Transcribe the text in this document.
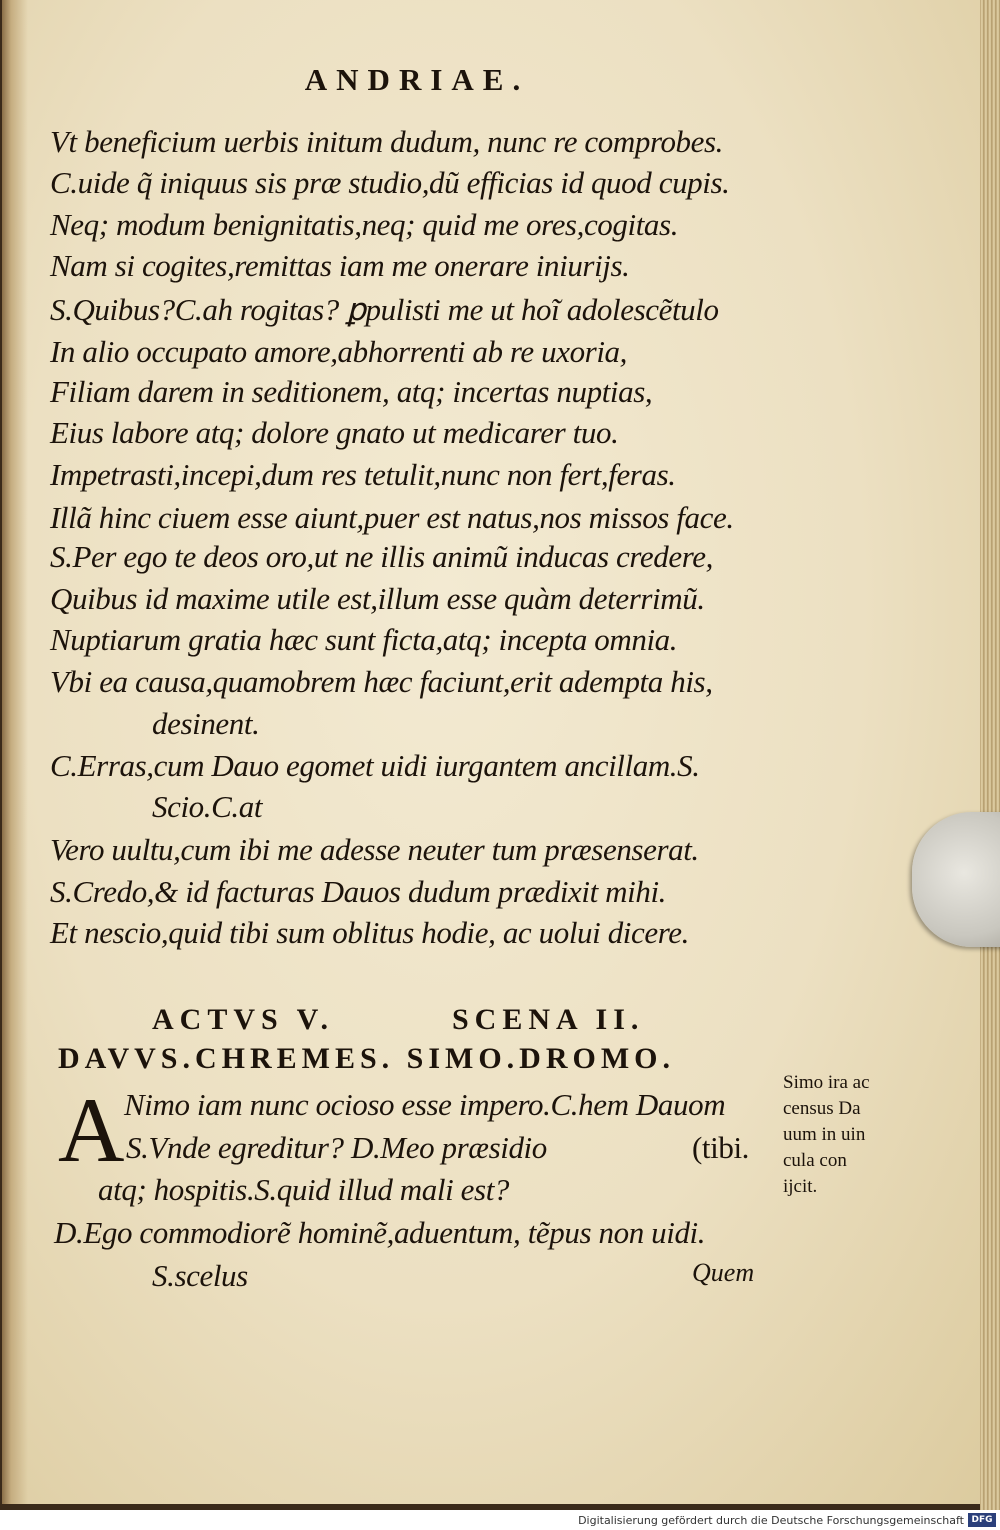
ANDRIAE.
Vt beneficium uerbis initum dudum, nunc re comprobes.
C.uide q̃ iniquus sis præ studio,dũ efficias id quod cupis.
Neq; modum benignitatis,neq; quid me ores,cogitas.
Nam si cogites,remittas iam me onerare iniurijs.
S.Quibus?C.ah rogitas? ꝑpulisti me ut hoĩ adolescẽtulo
In alio occupato amore,abhorrenti ab re uxoria,
Filiam darem in seditionem, atq; incertas nuptias,
Eius labore atq; dolore gnato ut medicarer tuo.
Impetrasti,incepi,dum res tetulit,nunc non fert,feras.
Illã hinc ciuem esse aiunt,puer est natus,nos missos face.
S.Per ego te deos oro,ut ne illis animũ inducas credere,
Quibus id maxime utile est,illum esse quàm deterrimũ.
Nuptiarum gratia hæc sunt ficta,atq; incepta omnia.
Vbi ea causa,quamobrem hæc faciunt,erit adempta his,
desinent.
C.Erras,cum Dauo egomet uidi iurgantem ancillam.S.
Scio.C.at
Vero uultu,cum ibi me adesse neuter tum præsenserat.
S.Credo,& id facturas Dauos dudum prædixit mihi.
Et nescio,quid tibi sum oblitus hodie, ac uolui dicere.
ACTVS V.	SCENA II.
DAVVS.CHREMES. SIMO.DROMO.
A Nimo iam nunc ocioso esse impero.C.hem Dauom
S.Vnde egreditur? D.Meo præsidio	(tibi.
atq; hospitis.S.quid illud mali est?
D.Ego commodiorẽ hominẽ,aduentum, tẽpus non uidi.
S.scelus
Simo ira ac
census Da
uum in uin
cula con
ijcit.
Quem
Digitalisierung gefördert durch die Deutsche Forschungsgemeinschaft DFG
